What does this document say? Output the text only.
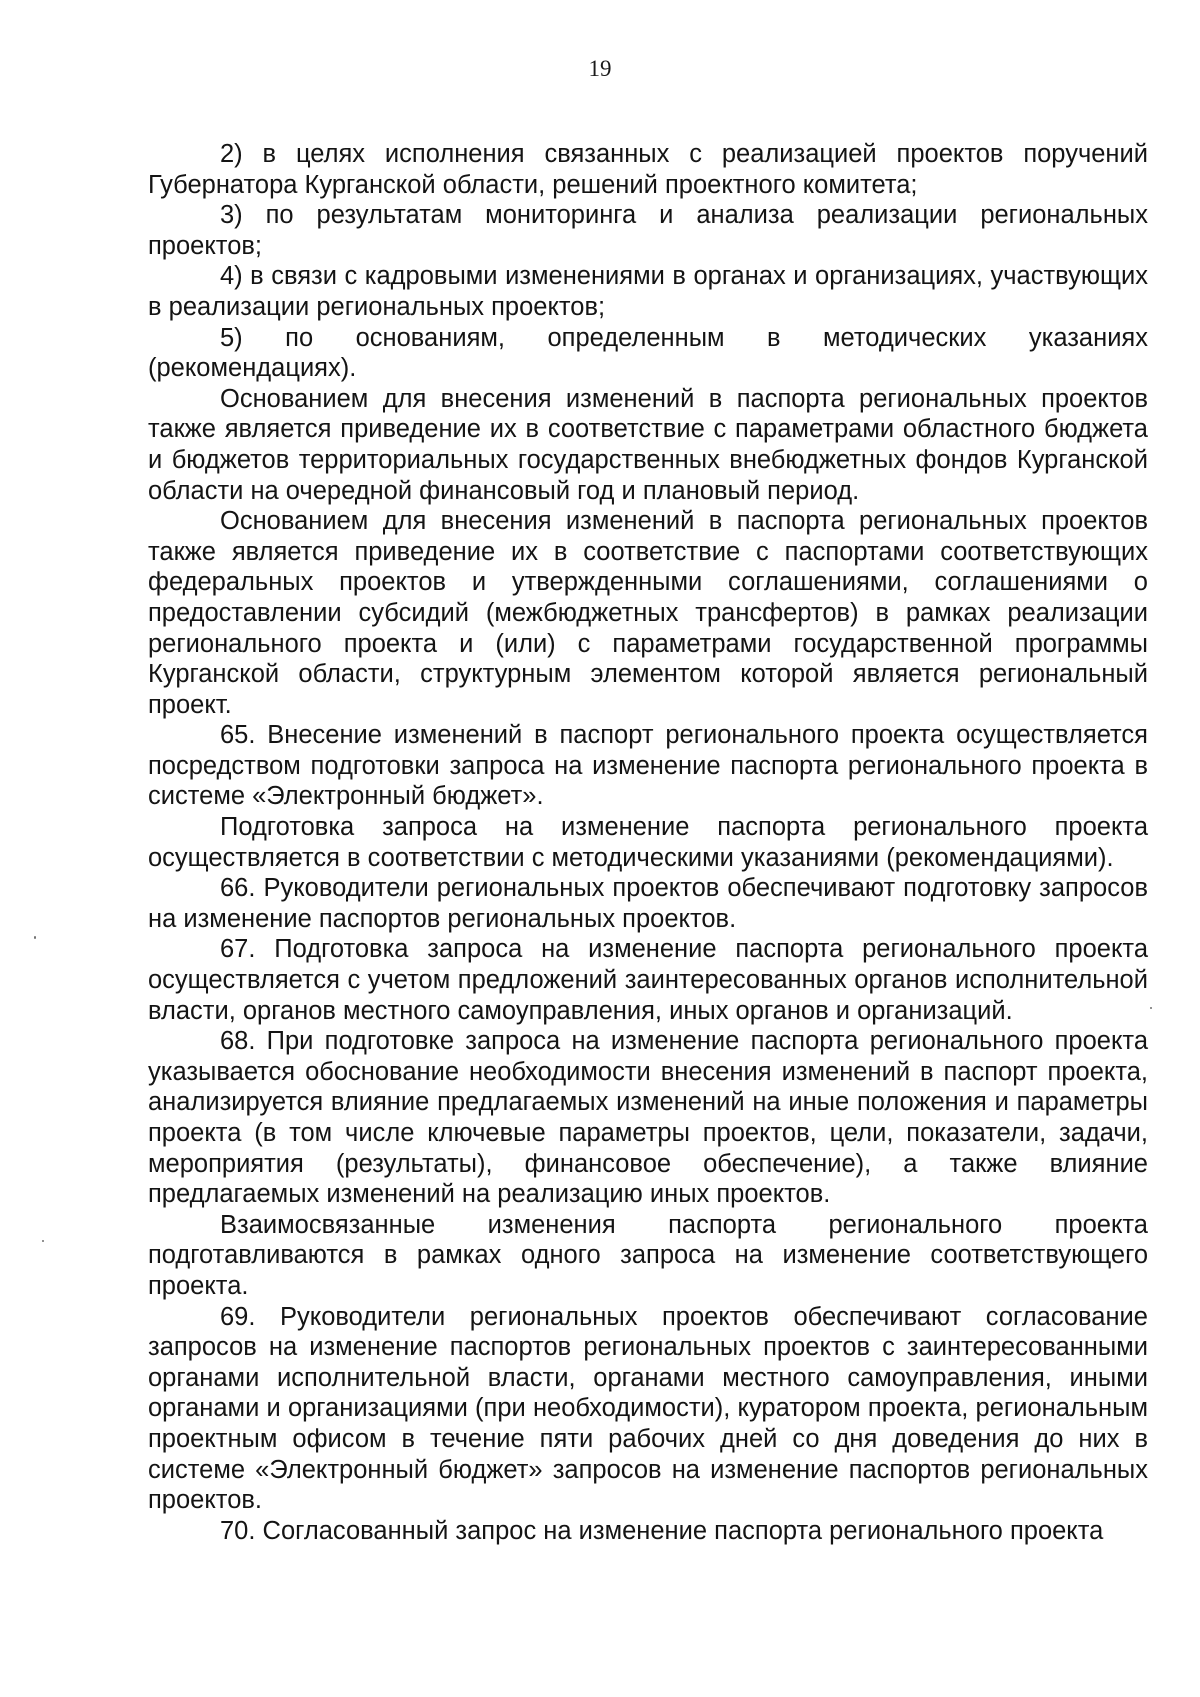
19

2) в целях исполнения связанных с реализацией проектов поручений Губернатора Курганской области, решений проектного комитета;

3) по результатам мониторинга и анализа реализации региональных проектов;

4) в связи с кадровыми изменениями в органах и организациях, участвующих в реализации региональных проектов;

5) по основаниям, определенным в методических указаниях (рекомендациях).

Основанием для внесения изменений в паспорта региональных проектов также является приведение их в соответствие с параметрами областного бюджета и бюджетов территориальных государственных внебюджетных фондов Курганской области на очередной финансовый год и плановый период.

Основанием для внесения изменений в паспорта региональных проектов также является приведение их в соответствие с паспортами соответствующих федеральных проектов и утвержденными соглашениями, соглашениями о предоставлении субсидий (межбюджетных трансфертов) в рамках реализации регионального проекта и (или) с параметрами государственной программы Курганской области, структурным элементом которой является региональный проект.

65. Внесение изменений в паспорт регионального проекта осуществляется посредством подготовки запроса на изменение паспорта регионального проекта в системе «Электронный бюджет».

Подготовка запроса на изменение паспорта регионального проекта осуществляется в соответствии с методическими указаниями (рекомендациями).

66. Руководители региональных проектов обеспечивают подготовку запросов на изменение паспортов региональных проектов.

67. Подготовка запроса на изменение паспорта регионального проекта осуществляется с учетом предложений заинтересованных органов исполнительной власти, органов местного самоуправления, иных органов и организаций.

68. При подготовке запроса на изменение паспорта регионального проекта указывается обоснование необходимости внесения изменений в паспорт проекта, анализируется влияние предлагаемых изменений на иные положения и параметры проекта (в том числе ключевые параметры проектов, цели, показатели, задачи, мероприятия (результаты), финансовое обеспечение), а также влияние предлагаемых изменений на реализацию иных проектов.

Взаимосвязанные изменения паспорта регионального проекта подготавливаются в рамках одного запроса на изменение соответствующего проекта.

69. Руководители региональных проектов обеспечивают согласование запросов на изменение паспортов региональных проектов с заинтересованными органами исполнительной власти, органами местного самоуправления, иными органами и организациями (при необходимости), куратором проекта, региональным проектным офисом в течение пяти рабочих дней со дня доведения до них в системе «Электронный бюджет» запросов на изменение паспортов региональных проектов.

70. Согласованный запрос на изменение паспорта регионального проекта
